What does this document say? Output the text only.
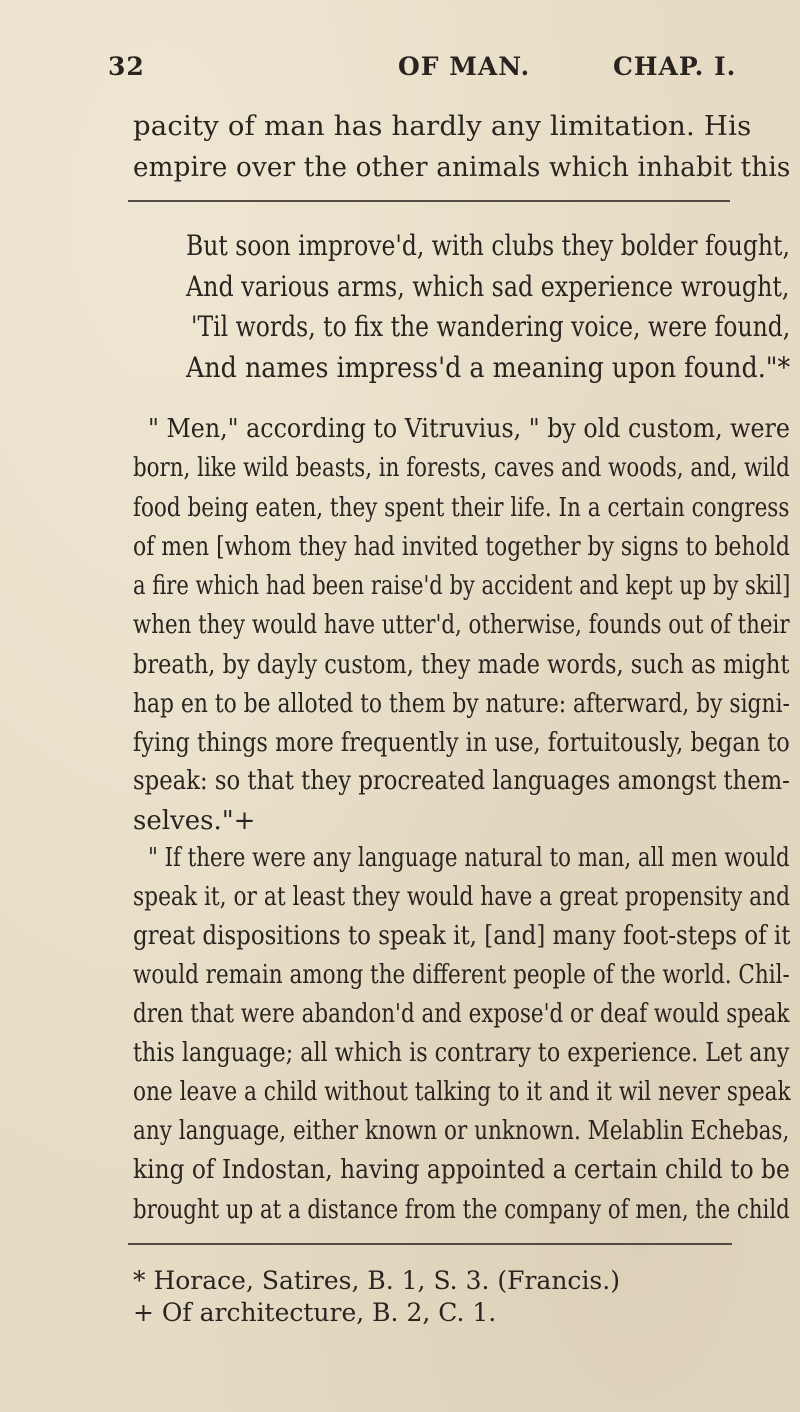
32	OF MAN.	CHAP. I.
pacity of man has hardly any limitation. His
empire over the other animals which inhabit this
But soon improve'd, with clubs they bolder fought,
And various arms, which sad experience wrought,
'Til words, to fix the wandering voice, were found,
And names impress'd a meaning upon found."*
" Men," according to Vitruvius, " by old custom, were
born, like wild beasts, in forests, caves and woods, and, wild
food being eaten, they spent their life. In a certain congress
of men [whom they had invited together by signs to behold
a fire which had been raise'd by accident and kept up by skil]
when they would have utter'd, otherwise, founds out of their
breath, by dayly custom, they made words, such as might
hap en to be alloted to them by nature: afterward, by signi-
fying things more frequently in use, fortuitously, began to
speak: so that they procreated languages amongst them-
selves."+
" If there were any language natural to man, all men would
speak it, or at least they would have a great propensity and
great dispositions to speak it, [and] many foot-steps of it
would remain among the different people of the world. Chil-
dren that were abandon'd and expose'd or deaf would speak
this language; all which is contrary to experience. Let any
one leave a child without talking to it and it wil never speak
any language, either known or unknown. Melablin Echebas,
king of Indostan, having appointed a certain child to be
brought up at a distance from the company of men, the child
* Horace, Satires, B. 1, S. 3. (Francis.)
+ Of architecture, B. 2, C. 1.
